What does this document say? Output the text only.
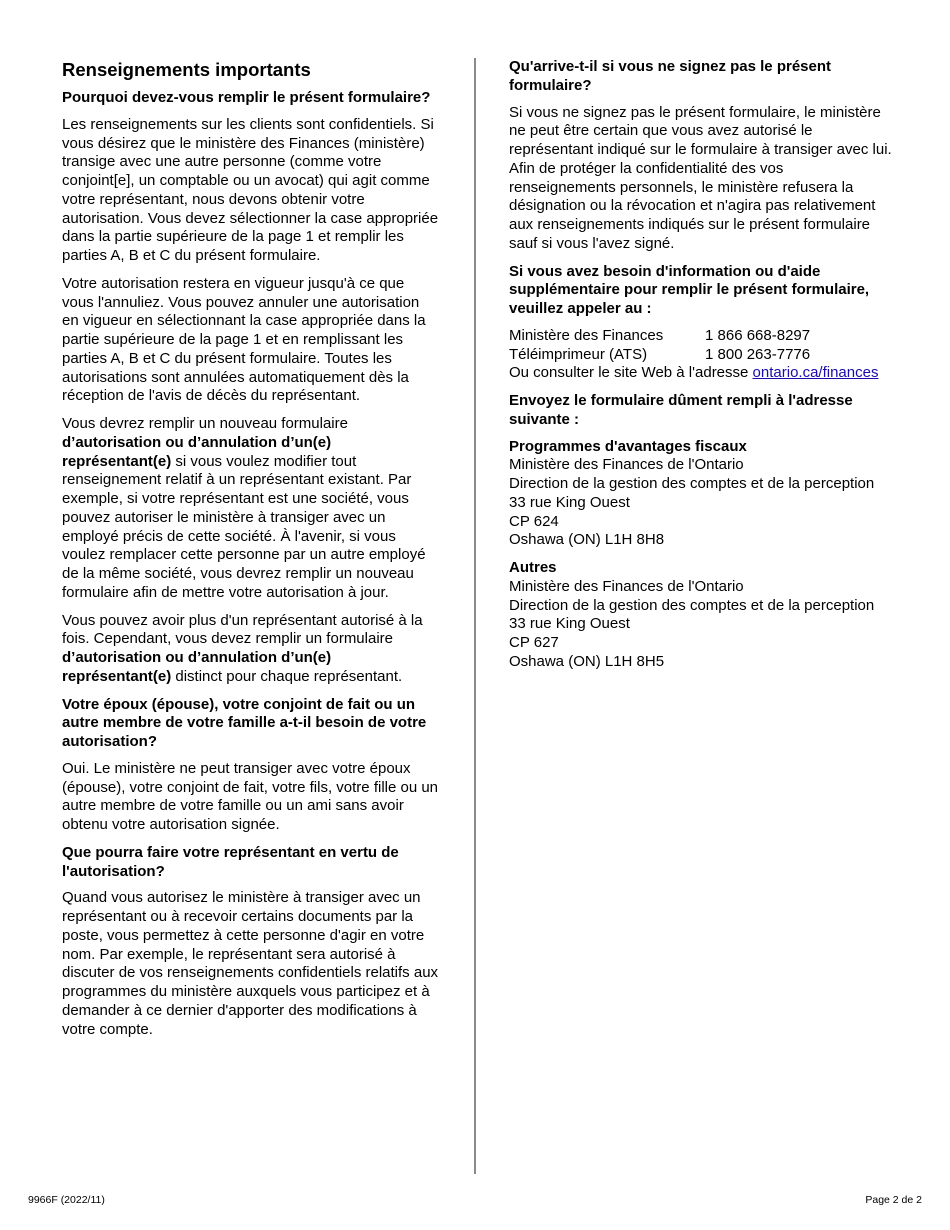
Renseignements importants
Pourquoi devez-vous remplir le présent formulaire?

Les renseignements sur les clients sont confidentiels. Si vous désirez que le ministère des Finances (ministère) transige avec une autre personne (comme votre conjoint[e], un comptable ou un avocat) qui agit comme votre représentant, nous devons obtenir votre autorisation. Vous devez sélectionner la case appropriée dans la partie supérieure de la page 1 et remplir les parties A, B et C du présent formulaire.

Votre autorisation restera en vigueur jusqu'à ce que vous l'annuliez. Vous pouvez annuler une autorisation en vigueur en sélectionnant la case appropriée dans la partie supérieure de la page 1 et en remplissant les parties A, B et C du présent formulaire. Toutes les autorisations sont annulées automatiquement dès la réception de l'avis de décès du représentant.

Vous devrez remplir un nouveau formulaire d’autorisation ou d’annulation d’un(e) représentant(e) si vous voulez modifier tout renseignement relatif à un représentant existant. Par exemple, si votre représentant est une société, vous pouvez autoriser le ministère à transiger avec un employé précis de cette société. À l'avenir, si vous voulez remplacer cette personne par un autre employé de la même société, vous devrez remplir un nouveau formulaire afin de mettre votre autorisation à jour.

Vous pouvez avoir plus d'un représentant autorisé à la fois. Cependant, vous devez remplir un formulaire d’autorisation ou d’annulation d’un(e) représentant(e) distinct pour chaque représentant.

Votre époux (épouse), votre conjoint de fait ou un autre membre de votre famille a-t-il besoin de votre autorisation?

Oui. Le ministère ne peut transiger avec votre époux (épouse), votre conjoint de fait, votre fils, votre fille ou un autre membre de votre famille ou un ami sans avoir obtenu votre autorisation signée.

Que pourra faire votre représentant en vertu de l'autorisation?

Quand vous autorisez le ministère à transiger avec un représentant ou à recevoir certains documents par la poste, vous permettez à cette personne d'agir en votre nom. Par exemple, le représentant sera autorisé à discuter de vos renseignements confidentiels relatifs aux programmes du ministère auxquels vous participez et à demander à ce dernier d'apporter des modifications à votre compte.

Qu'arrive-t-il si vous ne signez pas le présent formulaire?

Si vous ne signez pas le présent formulaire, le ministère ne peut être certain que vous avez autorisé le représentant indiqué sur le formulaire à transiger avec lui. Afin de protéger la confidentialité des vos renseignements personnels, le ministère refusera la désignation ou la révocation et n'agira pas relativement aux renseignements indiqués sur le présent formulaire sauf si vous l'avez signé.

Si vous avez besoin d'information ou d'aide supplémentaire pour remplir le présent formulaire, veuillez appeler au :
Ministère des Finances	1 866 668-8297
Téléimprimeur (ATS)	1 800 263-7776
Ou consulter le site Web à l'adresse ontario.ca/finances
Envoyez le formulaire dûment rempli à l'adresse suivante :
Programmes d'avantages fiscaux
Ministère des Finances de l'Ontario
Direction de la gestion des comptes et de la perception
33 rue King Ouest
CP 624
Oshawa (ON) L1H 8H8
Autres
Ministère des Finances de l'Ontario
Direction de la gestion des comptes et de la perception
33 rue King Ouest
CP 627
Oshawa (ON) L1H 8H5
9966F (2022/11)	Page 2 de 2
